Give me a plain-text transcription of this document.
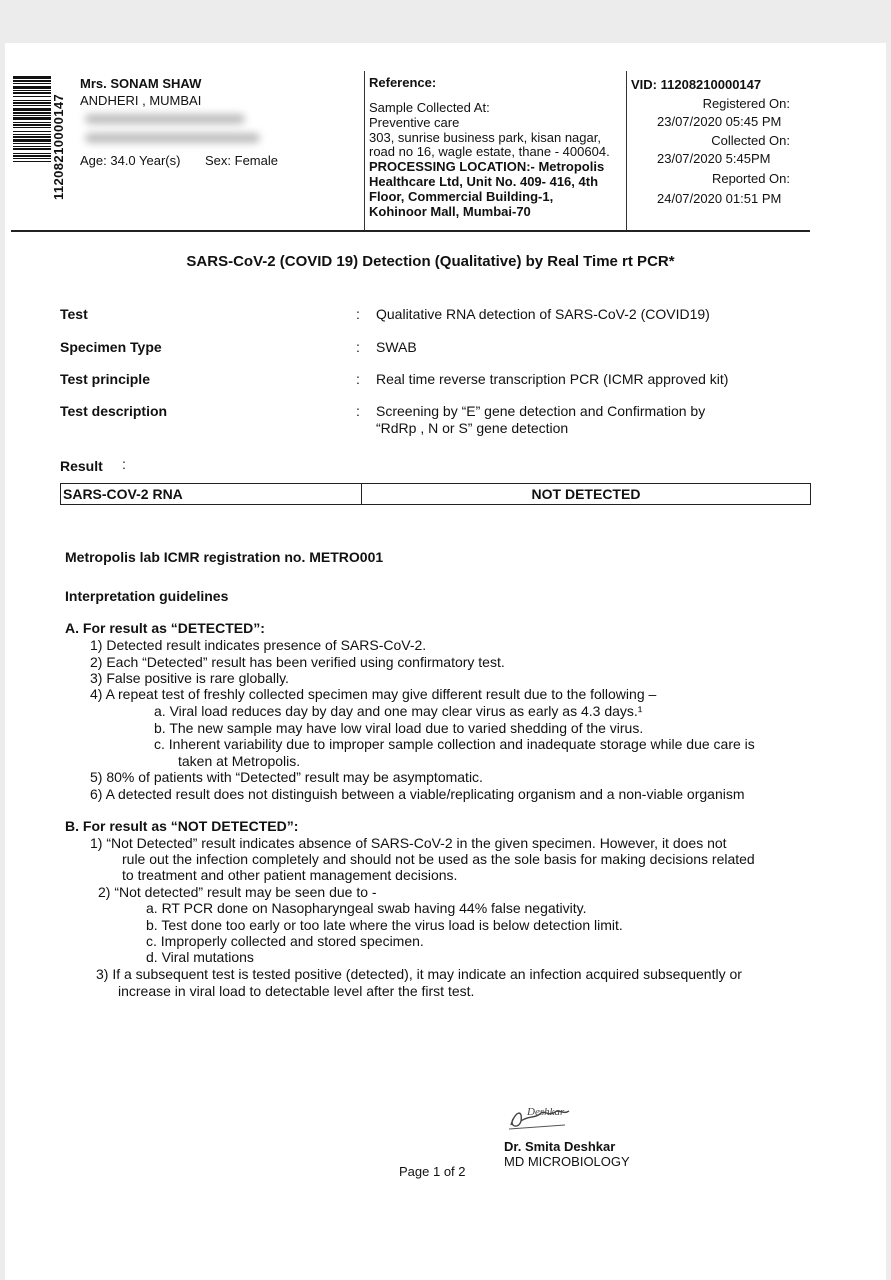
11208210000147
Mrs. SONAM SHAW
ANDHERI , MUMBAI
Age: 34.0 Year(s) Sex: Female
Reference:
Sample Collected At:
Preventive care
303, sunrise business park, kisan nagar,
road no 16, wagle estate, thane - 400604.
PROCESSING LOCATION:- Metropolis
Healthcare Ltd, Unit No. 409- 416, 4th
Floor, Commercial Building-1,
Kohinoor Mall, Mumbai-70
VID: 11208210000147
Registered On:
23/07/2020 05:45 PM
Collected On:
23/07/2020 5:45PM
Reported On:
24/07/2020 01:51 PM
SARS-CoV-2 (COVID 19) Detection (Qualitative) by Real Time rt PCR*
Test	: Qualitative RNA detection of SARS-CoV-2 (COVID19)
Specimen Type	: SWAB
Test principle	: Real time reverse transcription PCR (ICMR approved kit)
Test description	: Screening by “E” gene detection and Confirmation by
“RdRp , N or S” gene detection
Result :
SARS-COV-2 RNA	NOT DETECTED
Metropolis lab ICMR registration no. METRO001
Interpretation guidelines
A. For result as “DETECTED”:
1) Detected result indicates presence of SARS-CoV-2.
2) Each “Detected” result has been verified using confirmatory test.
3) False positive is rare globally.
4) A repeat test of freshly collected specimen may give different result due to the following –
a. Viral load reduces day by day and one may clear virus as early as 4.3 days.¹
b. The new sample may have low viral load due to varied shedding of the virus.
c. Inherent variability due to improper sample collection and inadequate storage while due care is
taken at Metropolis.
5) 80% of patients with “Detected” result may be asymptomatic.
6) A detected result does not distinguish between a viable/replicating organism and a non-viable organism
B. For result as “NOT DETECTED”:
1) “Not Detected” result indicates absence of SARS-CoV-2 in the given specimen. However, it does not
rule out the infection completely and should not be used as the sole basis for making decisions related
to treatment and other patient management decisions.
2) “Not detected” result may be seen due to -
a. RT PCR done on Nasopharyngeal swab having 44% false negativity.
b. Test done too early or too late where the virus load is below detection limit.
c. Improperly collected and stored specimen.
d. Viral mutations
3) If a subsequent test is tested positive (detected), it may indicate an infection acquired subsequently or
increase in viral load to detectable level after the first test.
Deshkar
Dr. Smita Deshkar
MD MICROBIOLOGY
Page 1 of 2
